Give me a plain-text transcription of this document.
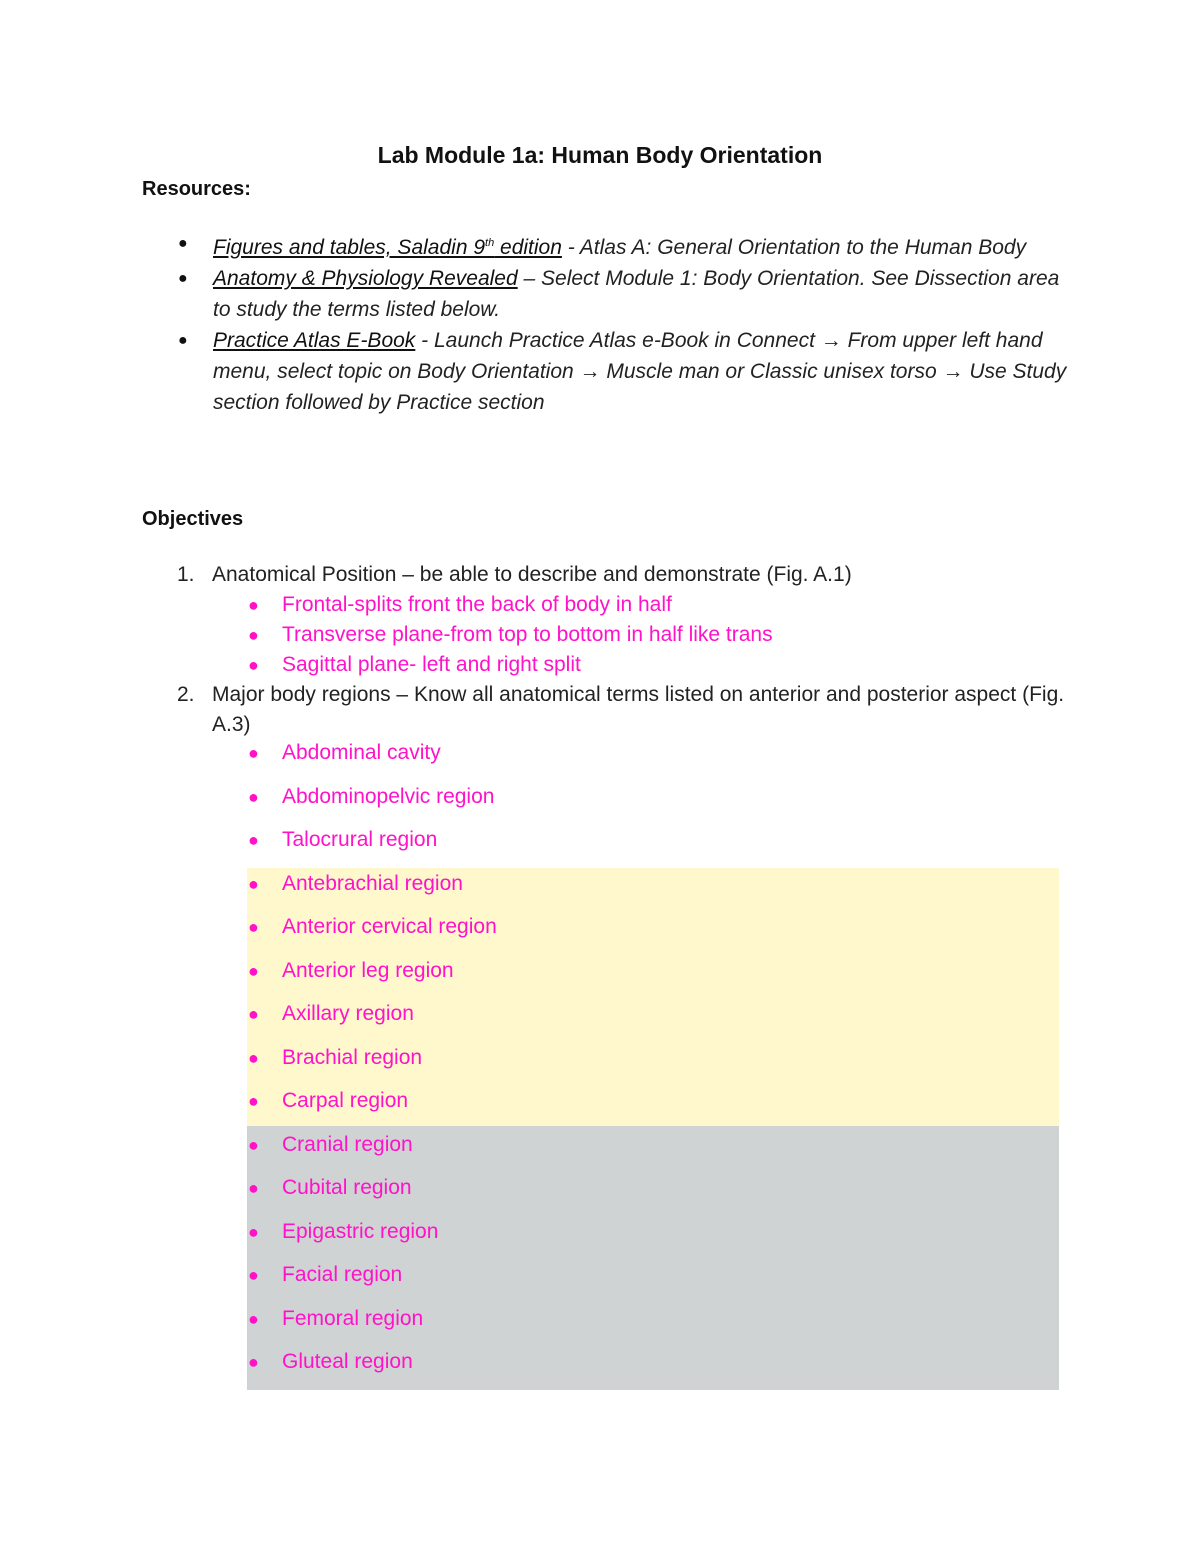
Lab Module 1a: Human Body Orientation
Resources:
● Figures and tables, Saladin 9th edition - Atlas A: General Orientation to the Human Body
● Anatomy & Physiology Revealed – Select Module 1: Body Orientation. See Dissection area to study the terms listed below.
● Practice Atlas E-Book - Launch Practice Atlas e-Book in Connect → From upper left hand menu, select topic on Body Orientation → Muscle man or Classic unisex torso → Use Study section followed by Practice section
Objectives
1. Anatomical Position – be able to describe and demonstrate (Fig. A.1)
● Frontal-splits front the back of body in half
● Transverse plane-from top to bottom in half like trans
● Sagittal plane- left and right split
2. Major body regions – Know all anatomical terms listed on anterior and posterior aspect (Fig. A.3)
● Abdominal cavity
● Abdominopelvic region
● Talocrural region
● Antebrachial region
● Anterior cervical region
● Anterior leg region
● Axillary region
● Brachial region
● Carpal region
● Cranial region
● Cubital region
● Epigastric region
● Facial region
● Femoral region
● Gluteal region
